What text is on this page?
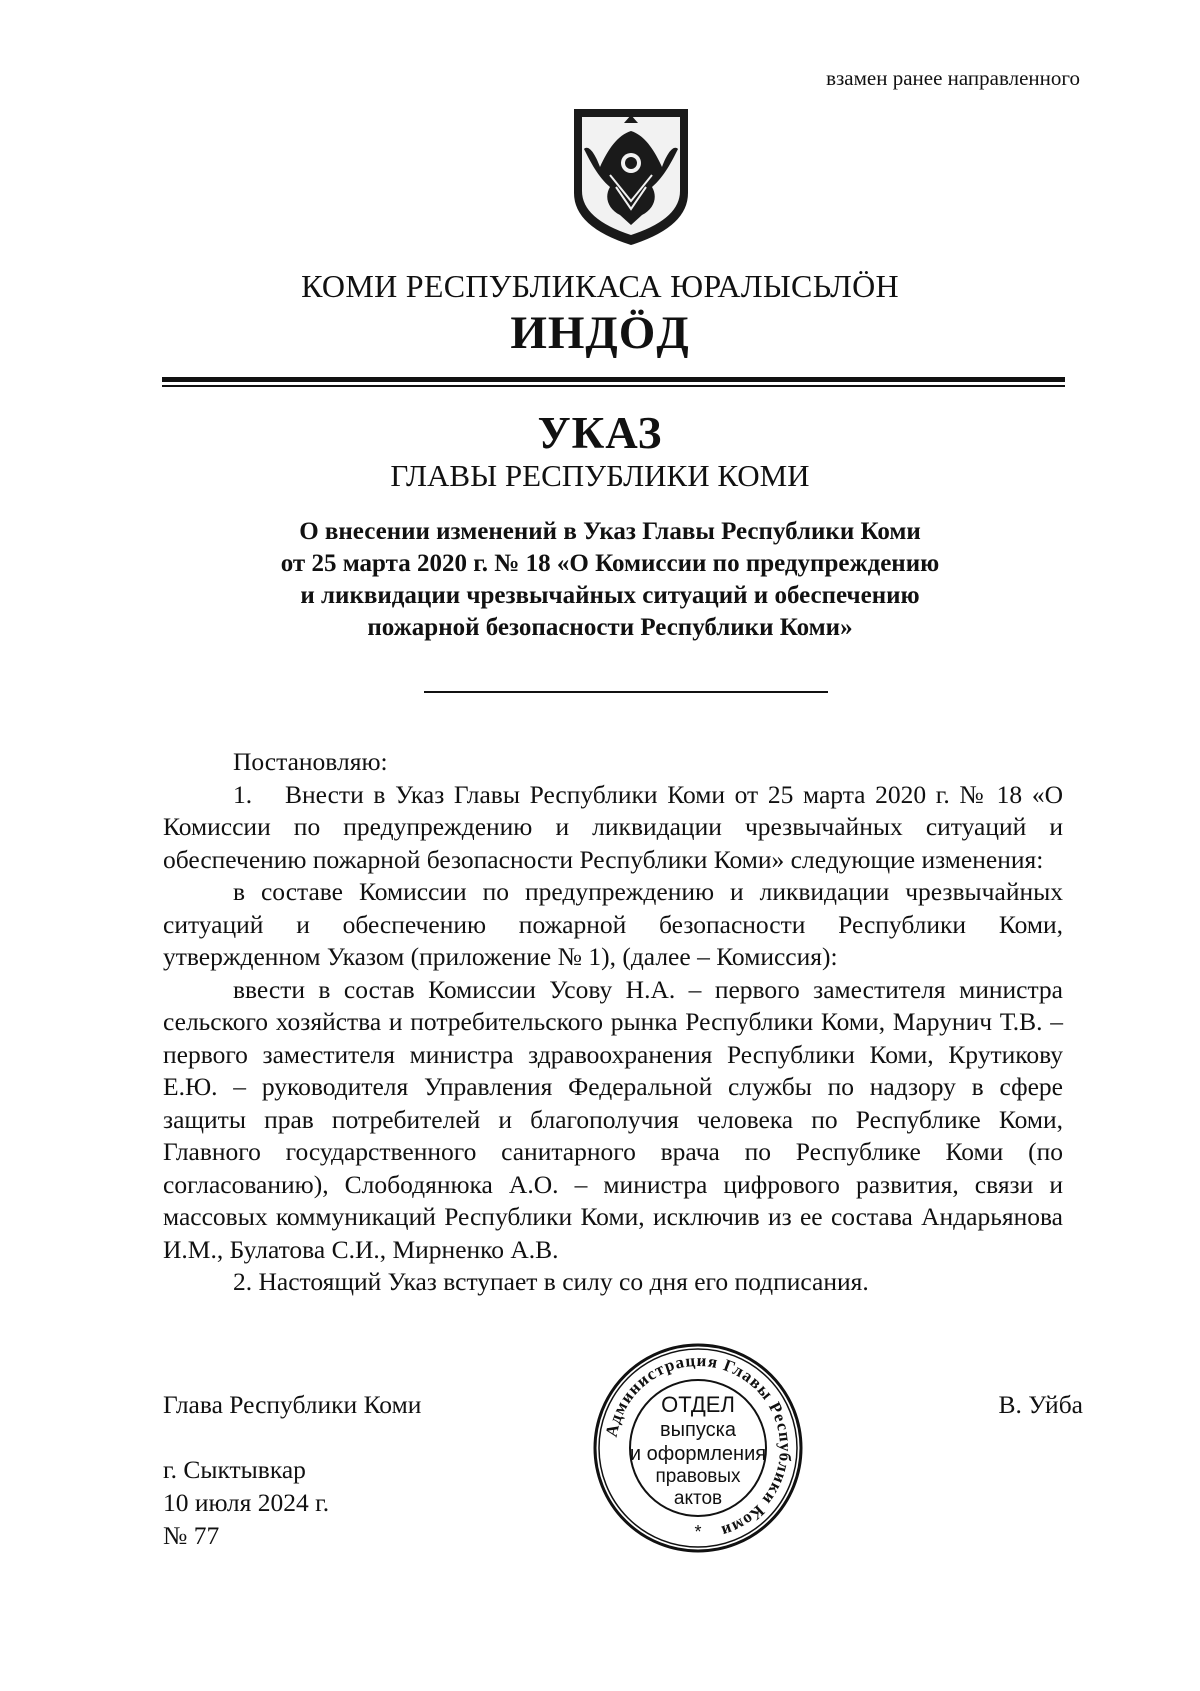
взамен ранее направленного
КОМИ РЕСПУБЛИКАСА ЮРАЛЫСЬЛӦН
ИНДӦД
УКАЗ
ГЛАВЫ РЕСПУБЛИКИ КОМИ
О внесении изменений в Указ Главы Республики Коми
от 25 марта 2020 г. № 18 «О Комиссии по предупреждению
и ликвидации чрезвычайных ситуаций и обеспечению
пожарной безопасности Республики Коми»

Постановляю:

1. Внести в Указ Главы Республики Коми от 25 марта 2020 г. № 18 «О Комиссии по предупреждению и ликвидации чрезвычайных ситуаций и обеспечению пожарной безопасности Республики Коми» следующие изменения:

в составе Комиссии по предупреждению и ликвидации чрезвычайных ситуаций и обеспечению пожарной безопасности Республики Коми, утвержденном Указом (приложение № 1), (далее – Комиссия):

ввести в состав Комиссии Усову Н.А. – первого заместителя министра сельского хозяйства и потребительского рынка Республики Коми, Марунич Т.В. – первого заместителя министра здравоохранения Республики Коми, Крутикову Е.Ю. – руководителя Управления Федеральной службы по надзору в сфере защиты прав потребителей и благополучия человека по Республике Коми, Главного государственного санитарного врача по Республике Коми (по согласованию), Слободянюка А.О. – министра цифрового развития, связи и массовых коммуникаций Республики Коми, исключив из ее состава Андарьянова И.М., Булатова С.И., Мирненко А.В.

2. Настоящий Указ вступает в силу со дня его подписания.

Глава Республики Коми	В. Уйба
г. Сыктывкар
10 июля 2024 г.
№ 77
Администрация Главы Республики Коми
ОТДЕЛ
выпуска
и оформления
правовых
актов
*
